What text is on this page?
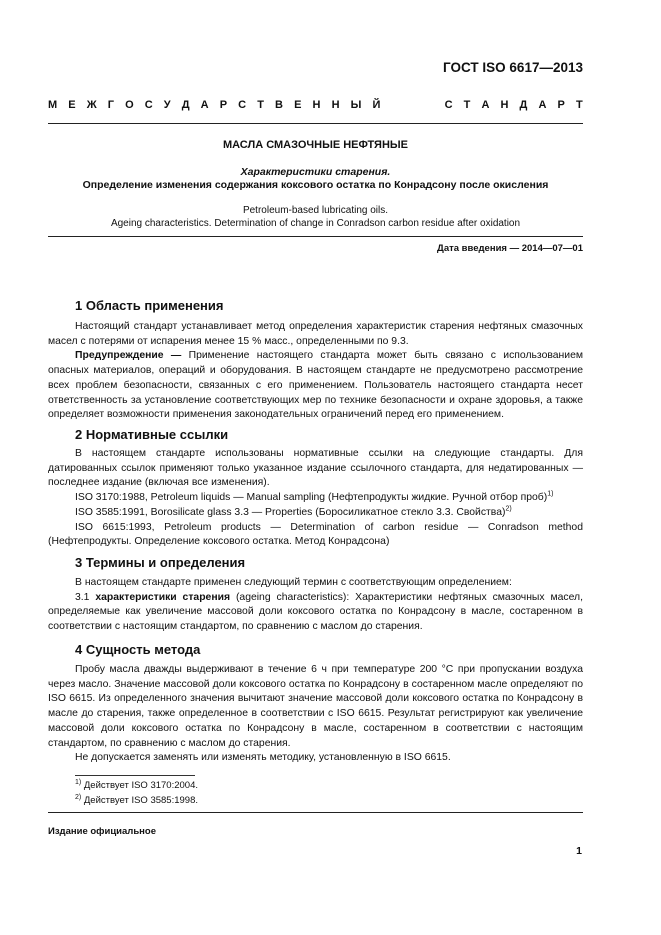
ГОСТ ISO 6617—2013
М Е Ж Г О С У Д А Р С Т В Е Н Н Ы Й	С Т А Н Д А Р Т
МАСЛА СМАЗОЧНЫЕ НЕФТЯНЫЕ
Характеристики старения.
Определение изменения содержания коксового остатка по Конрадсону после окисления
Petroleum-based lubricating oils.
Ageing characteristics. Determination of change in Conradson carbon residue after oxidation
Дата введения — 2014—07—01
1 Область применения

Настоящий стандарт устанавливает метод определения характеристик старения нефтяных смазочных масел с потерями от испарения менее 15 % масс., определенными по 9.3.

Предупреждение — Применение настоящего стандарта может быть связано с использованием опасных материалов, операций и оборудования. В настоящем стандарте не предусмотрено рассмотрение всех проблем безопасности, связанных с его применением. Пользователь настоящего стандарта несет ответственность за установление соответствующих мер по технике безопасности и охране здоровья, а также определяет возможности применения законодательных ограничений перед его применением.

2 Нормативные ссылки

В настоящем стандарте использованы нормативные ссылки на следующие стандарты. Для датированных ссылок применяют только указанное издание ссылочного стандарта, для недатированных — последнее издание (включая все изменения).

ISO 3170:1988, Petroleum liquids — Manual sampling (Нефтепродукты жидкие. Ручной отбор проб)$^{1)}$

ISO 3585:1991, Borosilicate glass 3.3 — Properties (Боросиликатное стекло 3.3. Свойства)$^{2)}$

ISO 6615:1993, Petroleum products — Determination of carbon residue — Conradson method (Нефтепродукты. Определение коксового остатка. Метод Конрадсона)

3 Термины и определения

В настоящем стандарте применен следующий термин с соответствующим определением:

3.1 характеристики старения (ageing characteristics): Характеристики нефтяных смазочных масел, определяемые как увеличение массовой доли коксового остатка по Конрадсону в масле, состаренном в соответствии с настоящим стандартом, по сравнению с маслом до старения.

4 Сущность метода

Пробу масла дважды выдерживают в течение 6 ч при температуре 200 °С при пропускании воздуха через масло. Значение массовой доли коксового остатка по Конрадсону в состаренном масле определяют по ISO 6615. Из определенного значения вычитают значение массовой доли коксового остатка по Конрадсону в масле до старения, также определенное в соответствии с ISO 6615. Результат регистрируют как увеличение массовой доли коксового остатка по Конрадсону в масле, состаренном в соответствии с настоящим стандартом, по сравнению с маслом до старения.

Не допускается заменять или изменять методику, установленную в ISO 6615.

$^{1)}$ Действует ISO 3170:2004.
$^{2)}$ Действует ISO 3585:1998.
Издание официальное
1
